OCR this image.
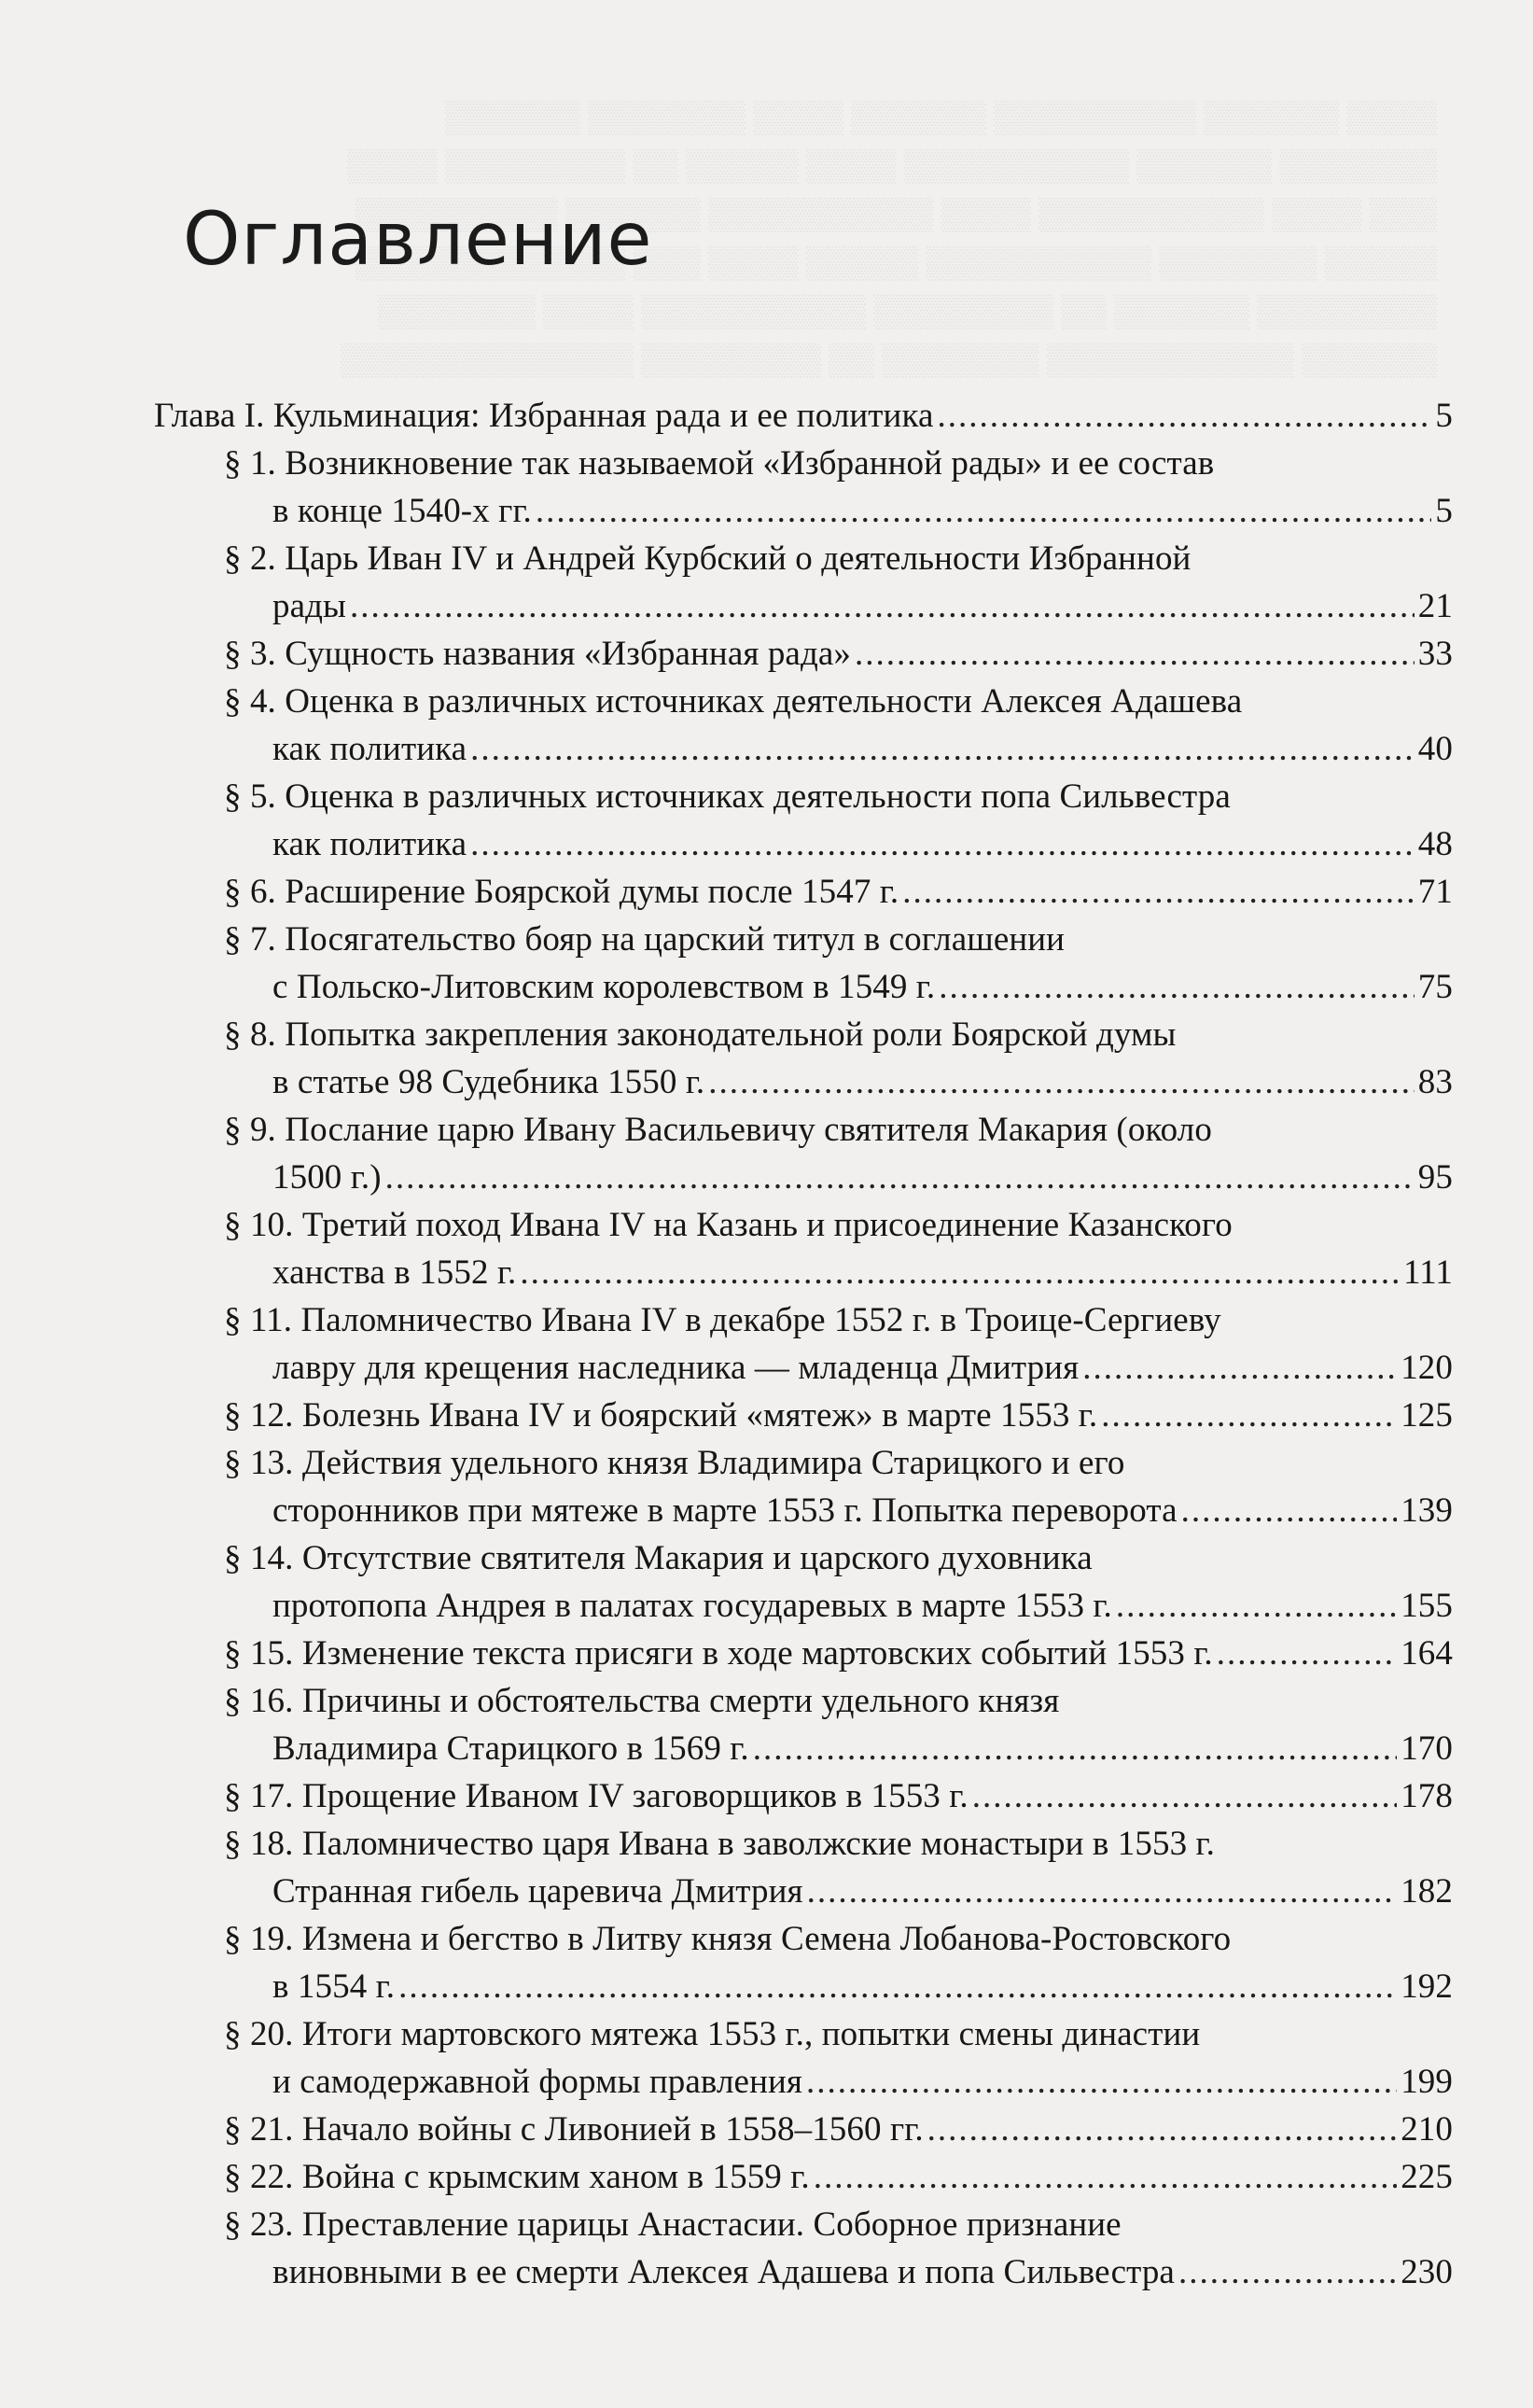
▒▒▒▒ ▒▒▒▒▒▒ ▒▒▒▒▒▒▒▒▒ ▒▒▒▒▒▒ ▒▒▒▒ ▒▒▒▒▒▒▒ ▒▒▒▒▒▒
▒▒▒▒▒▒▒ ▒▒▒▒▒▒ ▒▒▒▒▒▒▒▒▒▒ ▒▒▒▒ ▒▒▒▒▒ ▒▒ ▒▒▒▒▒▒▒▒ ▒▒▒▒
▒▒▒ ▒▒▒▒ ▒▒▒▒▒▒▒▒▒▒ ▒▒▒▒ ▒▒▒▒▒▒▒▒▒▒ ▒▒▒▒▒▒ ▒▒▒▒▒▒▒▒▒
▒▒▒▒▒ ▒▒▒▒▒▒▒ ▒▒▒▒▒▒▒▒▒▒ ▒▒▒▒▒ ▒▒▒▒ ▒▒▒ ▒▒▒▒▒▒▒▒▒▒▒▒
▒▒▒▒▒▒▒▒ ▒▒▒▒▒▒ ▒▒ ▒▒▒▒▒▒▒▒ ▒▒▒▒▒▒▒▒▒▒ ▒▒▒▒ ▒▒▒▒▒▒▒
▒▒▒▒▒▒ ▒▒▒▒▒▒▒▒▒▒▒ ▒▒▒▒▒▒▒ ▒▒ ▒▒▒▒▒▒▒▒ ▒▒▒▒▒▒▒▒▒▒▒▒▒
Оглавление
Глава I. Кульминация: Избранная рада и ее политика .....	5
§ 1. Возникновение так называемой «Избранной рады» и ее состав
в конце 1540-х гг. .....	5
§ 2. Царь Иван IV и Андрей Курбский о деятельности Избранной
рады .....	21
§ 3. Сущность названия «Избранная рада» .....	33
§ 4. Оценка в различных источниках деятельности Алексея Адашева
как политика .....	40
§ 5. Оценка в различных источниках деятельности попа Сильвестра
как политика .....	48
§ 6. Расширение Боярской думы после 1547 г. .....	71
§ 7. Посягательство бояр на царский титул в соглашении
с Польско-Литовским королевством в 1549 г. .....	75
§ 8. Попытка закрепления законодательной роли Боярской думы
в статье 98 Судебника 1550 г. .....	83
§ 9. Послание царю Ивану Васильевичу святителя Макария (около
1500 г.) .....	95
§ 10. Третий поход Ивана IV на Казань и присоединение Казанского
ханства в 1552 г. .....	111
§ 11. Паломничество Ивана IV в декабре 1552 г. в Троице-Сергиеву
лавру для крещения наследника — младенца Дмитрия .....	120
§ 12. Болезнь Ивана IV и боярский «мятеж» в марте 1553 г. .....	125
§ 13. Действия удельного князя Владимира Старицкого и его
сторонников при мятеже в марте 1553 г. Попытка переворота .....	139
§ 14. Отсутствие святителя Макария и царского духовника
протопопа Андрея в палатах государевых в марте 1553 г. .....	155
§ 15. Изменение текста присяги в ходе мартовских событий 1553 г. .....	164
§ 16. Причины и обстоятельства смерти удельного князя
Владимира Старицкого в 1569 г. .....	170
§ 17. Прощение Иваном IV заговорщиков в 1553 г. .....	178
§ 18. Паломничество царя Ивана в заволжские монастыри в 1553 г.
Странная гибель царевича Дмитрия .....	182
§ 19. Измена и бегство в Литву князя Семена Лобанова-Ростовского
в 1554 г. .....	192
§ 20. Итоги мартовского мятежа 1553 г., попытки смены династии
и самодержавной формы правления .....	199
§ 21. Начало войны с Ливонией в 1558–1560 гг. .....	210
§ 22. Война с крымским ханом в 1559 г. .....	225
§ 23. Преставление царицы Анастасии. Соборное признание
виновными в ее смерти Алексея Адашева и попа Сильвестра .....	230
